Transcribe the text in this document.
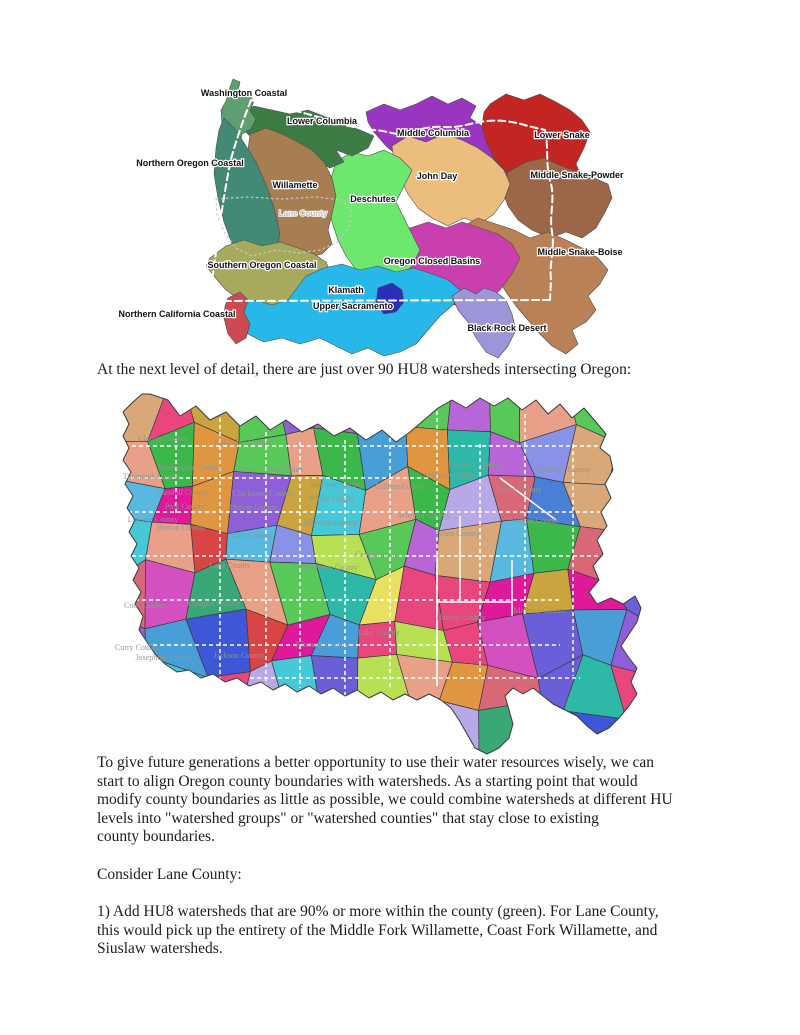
Middle Columbia	Lower Snake
Middle Snake-Powder
John Day
Middle Snake-Boise
Oregon Closed Basins
Deschutes
Lower Columbia
Willamette
Washington Coastal
Northern Oregon Coastal
Southern Oregon Coastal
Klamath
Black Rock Desert
Northern California Coastal
Upper Sacramento
Lane County
At the next level of detail, there are just over 90 HU8 watersheds intersecting Oregon:
Clatsop County	Columbia County
Washington County
Tillamook County
Hood River County
Yamhill County	Clackamas County
Polk County	Marion County
Sherman County
Wasco County
Gilliam County
Jefferson County
Lincoln County
Benton County
Linn County
Morrow County
Umatilla County
Union County
Wallowa County
Baker County
Grant County
Wheeler County
Crook County
Deschutes County
Lane County
Douglas County
Coos County
Curry County
Josephine County	Jackson County
Klamath County
Lake County
Harney County
Malheur County
To give future generations a better opportunity to use their water resources wisely, we can
start to align Oregon county boundaries with watersheds. As a starting point that would
modify county boundaries as little as possible, we could combine watersheds at different HU
levels into "watershed groups" or "watershed counties" that stay close to existing
county boundaries.
Consider Lane County:
1) Add HU8 watersheds that are 90% or more within the county (green). For Lane County,
this would pick up the entirety of the Middle Fork Willamette, Coast Fork Willamette, and
Siuslaw watersheds.
